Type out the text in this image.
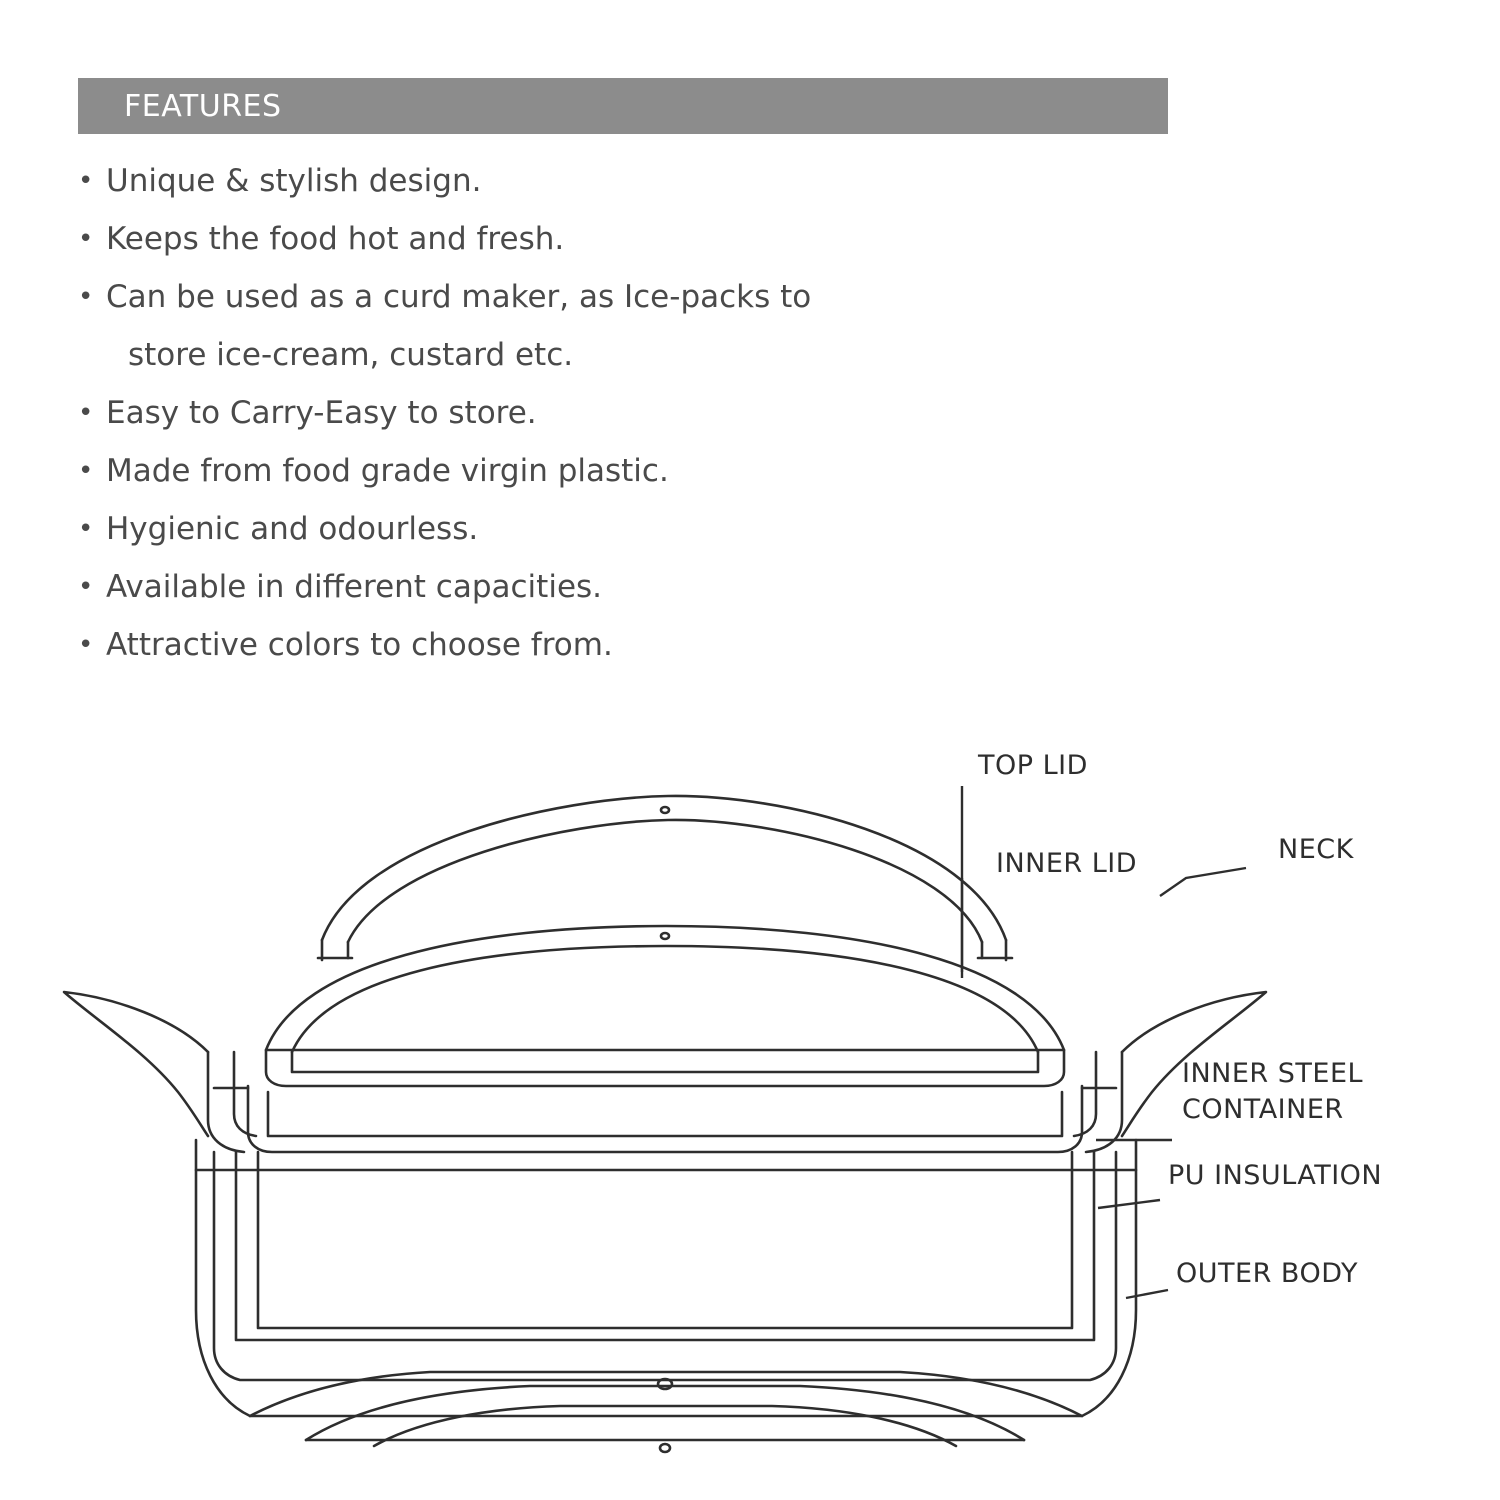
FEATURES
• Unique & stylish design.
• Keeps the food hot and fresh.
• Can be used as a curd maker, as Ice-packs to
store ice-cream, custard etc.
• Easy to Carry-Easy to store.
• Made from food grade virgin plastic.
• Hygienic and odourless.
• Available in different capacities.
• Attractive colors to choose from.
TOP LID
INNER LID	NECK
INNER STEEL
CONTAINER
PU INSULATION
OUTER BODY
